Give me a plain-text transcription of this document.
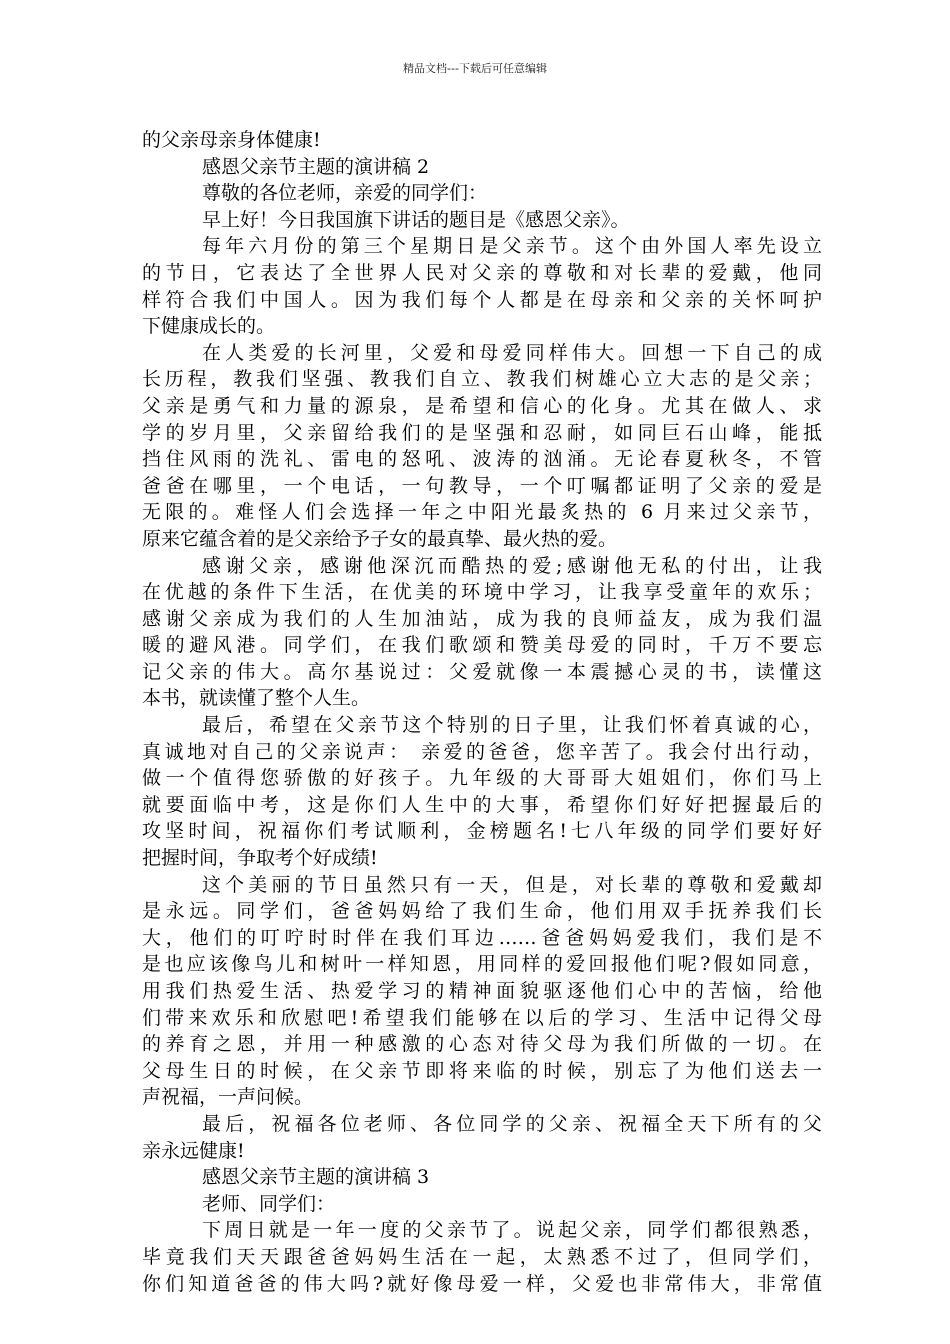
精品文档---下载后可任意编辑
的父亲母亲身体健康!
感恩父亲节主题的演讲稿 2
尊敬的各位老师，亲爱的同学们：
早上好！今日我国旗下讲话的题目是《感恩父亲》。
每年六月份的第三个星期日是父亲节。这个由外国人率先设立
的节日，它表达了全世界人民对父亲的尊敬和对长辈的爱戴，他同
样符合我们中国人。因为我们每个人都是在母亲和父亲的关怀呵护
下健康成长的。
在人类爱的长河里，父爱和母爱同样伟大。回想一下自己的成
长历程，教我们坚强、教我们自立、教我们树雄心立大志的是父亲；
父亲是勇气和力量的源泉，是希望和信心的化身。尤其在做人、求
学的岁月里，父亲留给我们的是坚强和忍耐，如同巨石山峰，能抵
挡住风雨的洗礼、雷电的怒吼、波涛的汹涌。无论春夏秋冬，不管
爸爸在哪里，一个电话，一句教导，一个叮嘱都证明了父亲的爱是
无限的。难怪人们会选择一年之中阳光最炙热的 6 月来过父亲节，
原来它蕴含着的是父亲给予子女的最真挚、最火热的爱。
感谢父亲，感谢他深沉而酷热的爱;感谢他无私的付出，让我
在优越的条件下生活，在优美的环境中学习，让我享受童年的欢乐；
感谢父亲成为我们的人生加油站，成为我的良师益友，成为我们温
暖的避风港。同学们，在我们歌颂和赞美母爱的同时，千万不要忘
记父亲的伟大。高尔基说过：父爱就像一本震撼心灵的书，读懂这
本书，就读懂了整个人生。
最后，希望在父亲节这个特别的日子里，让我们怀着真诚的心，
真诚地对自己的父亲说声： 亲爱的爸爸，您辛苦了。我会付出行动，
做一个值得您骄傲的好孩子。九年级的大哥哥大姐姐们，你们马上
就要面临中考，这是你们人生中的大事，希望你们好好把握最后的
攻坚时间，祝福你们考试顺利，金榜题名!七八年级的同学们要好好
把握时间，争取考个好成绩!
这个美丽的节日虽然只有一天，但是，对长辈的尊敬和爱戴却
是永远。同学们，爸爸妈妈给了我们生命，他们用双手抚养我们长
大，他们的叮咛时时伴在我们耳边……爸爸妈妈爱我们，我们是不
是也应该像鸟儿和树叶一样知恩，用同样的爱回报他们呢?假如同意，
用我们热爱生活、热爱学习的精神面貌驱逐他们心中的苦恼，给他
们带来欢乐和欣慰吧!希望我们能够在以后的学习、生活中记得父母
的养育之恩，并用一种感激的心态对待父母为我们所做的一切。在
父母生日的时候，在父亲节即将来临的时候，别忘了为他们送去一
声祝福，一声问候。
最后，祝福各位老师、各位同学的父亲、祝福全天下所有的父
亲永远健康!
感恩父亲节主题的演讲稿 3
老师、同学们：
下周日就是一年一度的父亲节了。说起父亲，同学们都很熟悉，
毕竟我们天天跟爸爸妈妈生活在一起，太熟悉不过了，但同学们，
你们知道爸爸的伟大吗?就好像母爱一样，父爱也非常伟大，非常值
